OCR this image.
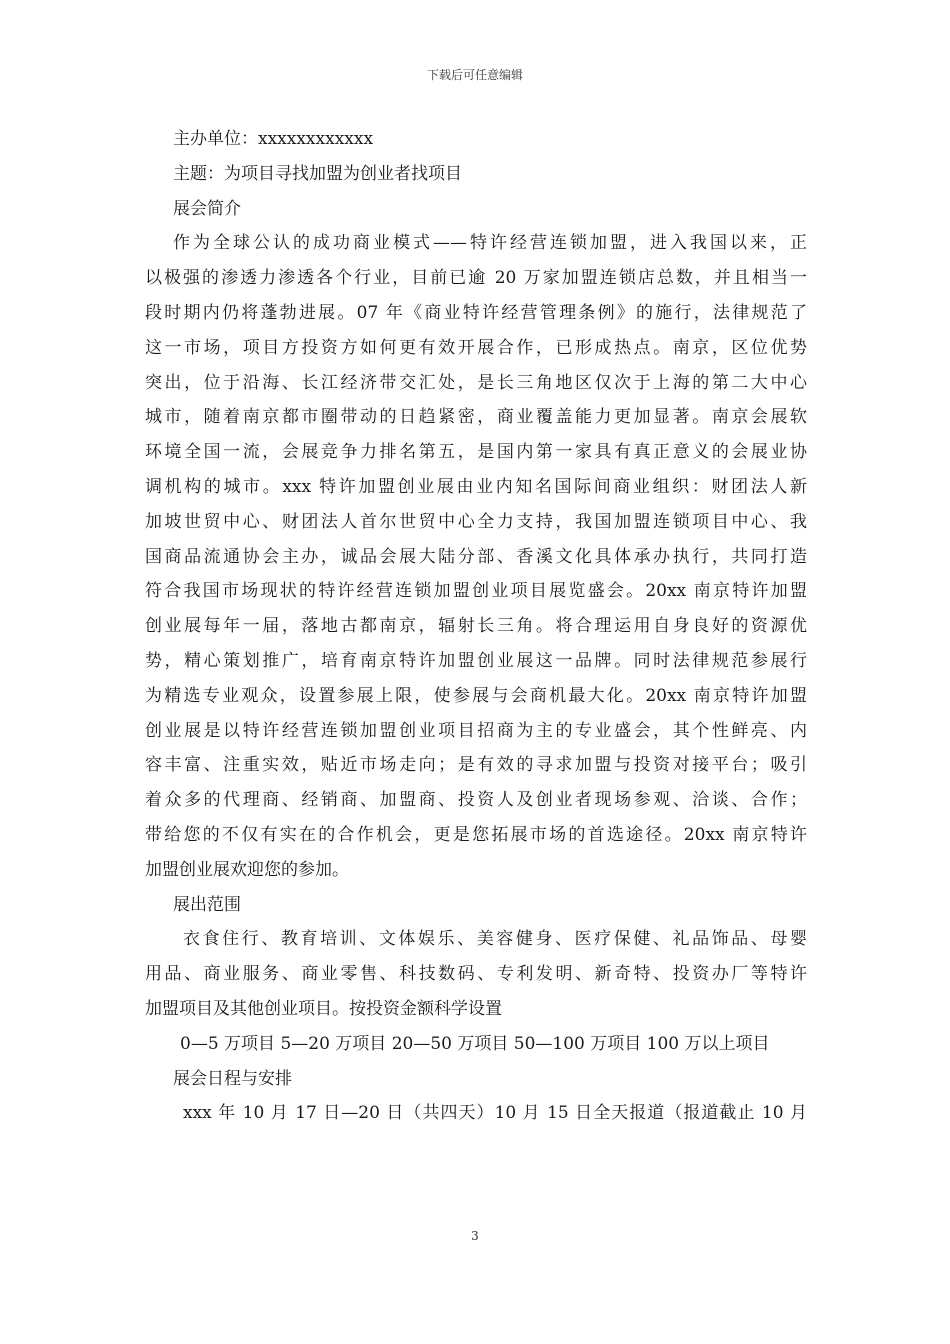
下载后可任意编辑
主办单位：xxxxxxxxxxxx
主题：为项目寻找加盟为创业者找项目
展会简介
作为全球公认的成功商业模式——特许经营连锁加盟，进入我国以来，正
以极强的渗透力渗透各个行业，目前已逾 20 万家加盟连锁店总数，并且相当一
段时期内仍将蓬勃进展。07 年《商业特许经营管理条例》的施行，法律规范了
这一市场，项目方投资方如何更有效开展合作，已形成热点。南京，区位优势
突出，位于沿海、长江经济带交汇处，是长三角地区仅次于上海的第二大中心
城市，随着南京都市圈带动的日趋紧密，商业覆盖能力更加显著。南京会展软
环境全国一流，会展竞争力排名第五，是国内第一家具有真正意义的会展业协
调机构的城市。xxx 特许加盟创业展由业内知名国际间商业组织：财团法人新
加坡世贸中心、财团法人首尔世贸中心全力支持，我国加盟连锁项目中心、我
国商品流通协会主办，诚品会展大陆分部、香溪文化具体承办执行，共同打造
符合我国市场现状的特许经营连锁加盟创业项目展览盛会。20xx 南京特许加盟
创业展每年一届，落地古都南京，辐射长三角。将合理运用自身良好的资源优
势，精心策划推广，培育南京特许加盟创业展这一品牌。同时法律规范参展行
为精选专业观众，设置参展上限，使参展与会商机最大化。20xx 南京特许加盟
创业展是以特许经营连锁加盟创业项目招商为主的专业盛会，其个性鲜亮、内
容丰富、注重实效，贴近市场走向；是有效的寻求加盟与投资对接平台；吸引
着众多的代理商、经销商、加盟商、投资人及创业者现场参观、洽谈、合作；
带给您的不仅有实在的合作机会，更是您拓展市场的首选途径。20xx 南京特许
加盟创业展欢迎您的参加。
展出范围
衣食住行、教育培训、文体娱乐、美容健身、医疗保健、礼品饰品、母婴
用品、商业服务、商业零售、科技数码、专利发明、新奇特、投资办厂等特许
加盟项目及其他创业项目。按投资金额科学设置
0—5 万项目 5—20 万项目 20—50 万项目 50—100 万项目 100 万以上项目
展会日程与安排
xxx 年 10 月 17 日—20 日（共四天）10 月 15 日全天报道（报道截止 10 月
3
